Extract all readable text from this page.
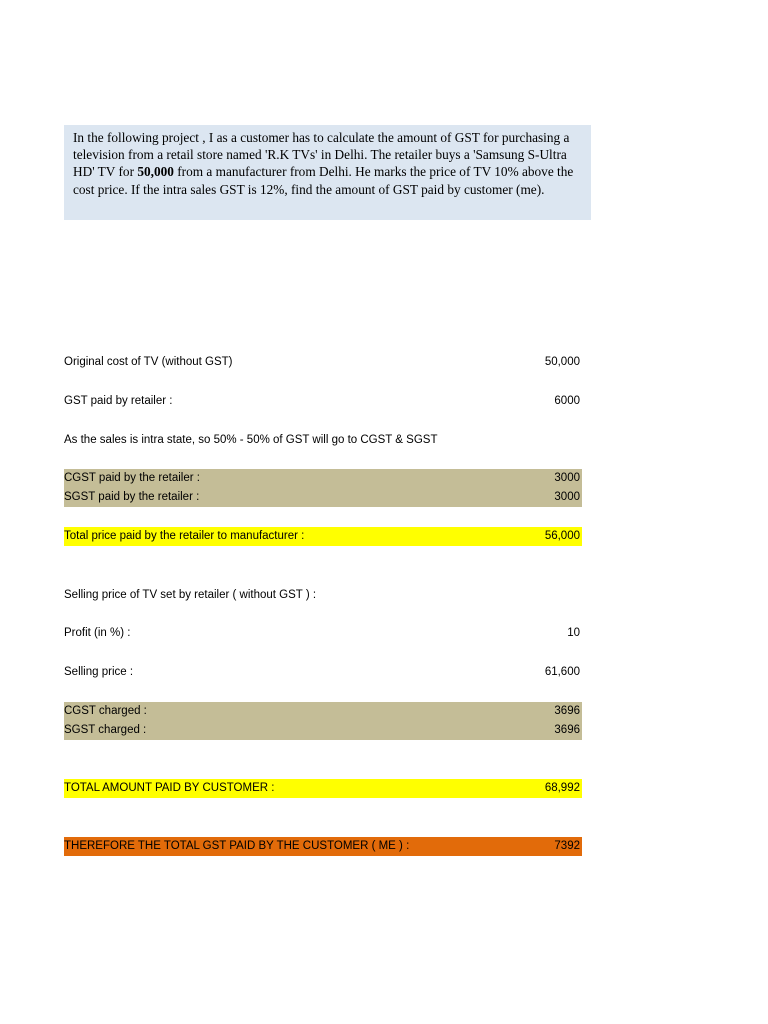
In the following project , I as a customer has to calculate the amount of GST for purchasing a television from a retail store named 'R.K TVs' in Delhi. The retailer buys a 'Samsung S-Ultra HD' TV for 50,000 from a manufacturer from Delhi. He marks the price of TV 10% above the cost price. If the intra sales GST is 12%, find the amount of GST paid by customer (me).
Original cost of TV (without GST)	50,000
GST paid by retailer :	6000
As the sales is intra state, so 50% - 50% of GST will go to CGST & SGST
CGST paid by the retailer :	3000
SGST paid by the retailer :	3000
Total price paid by the retailer to manufacturer :	56,000
Selling price of TV set by retailer ( without GST ) :
Profit (in %) :	10
Selling price :	61,600
CGST charged :	3696
SGST charged :	3696
TOTAL AMOUNT PAID BY CUSTOMER :	68,992
THEREFORE THE TOTAL GST PAID BY THE CUSTOMER ( ME ) :	7392
